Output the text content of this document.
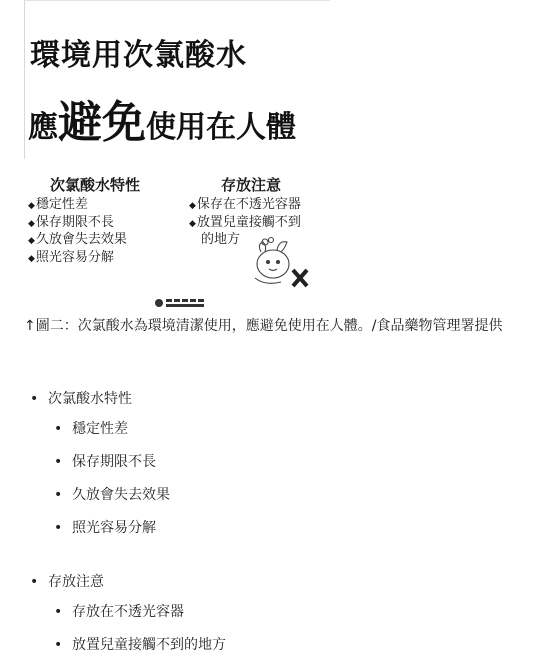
環境用次氯酸水
應避免使用在人體
次氯酸水特性
◆穩定性差
◆保存期限不長
◆久放會失去效果
◆照光容易分解
存放注意
◆保存在不透光容器
◆放置兒童接觸不到
的地方
↑圖二：次氯酸水為環境清潔使用，應避免使用在人體。/食品藥物管理署提供
• 次氯酸水特性
• 穩定性差
• 保存期限不長
• 久放會失去效果
• 照光容易分解
• 存放注意
• 存放在不透光容器
• 放置兒童接觸不到的地方
